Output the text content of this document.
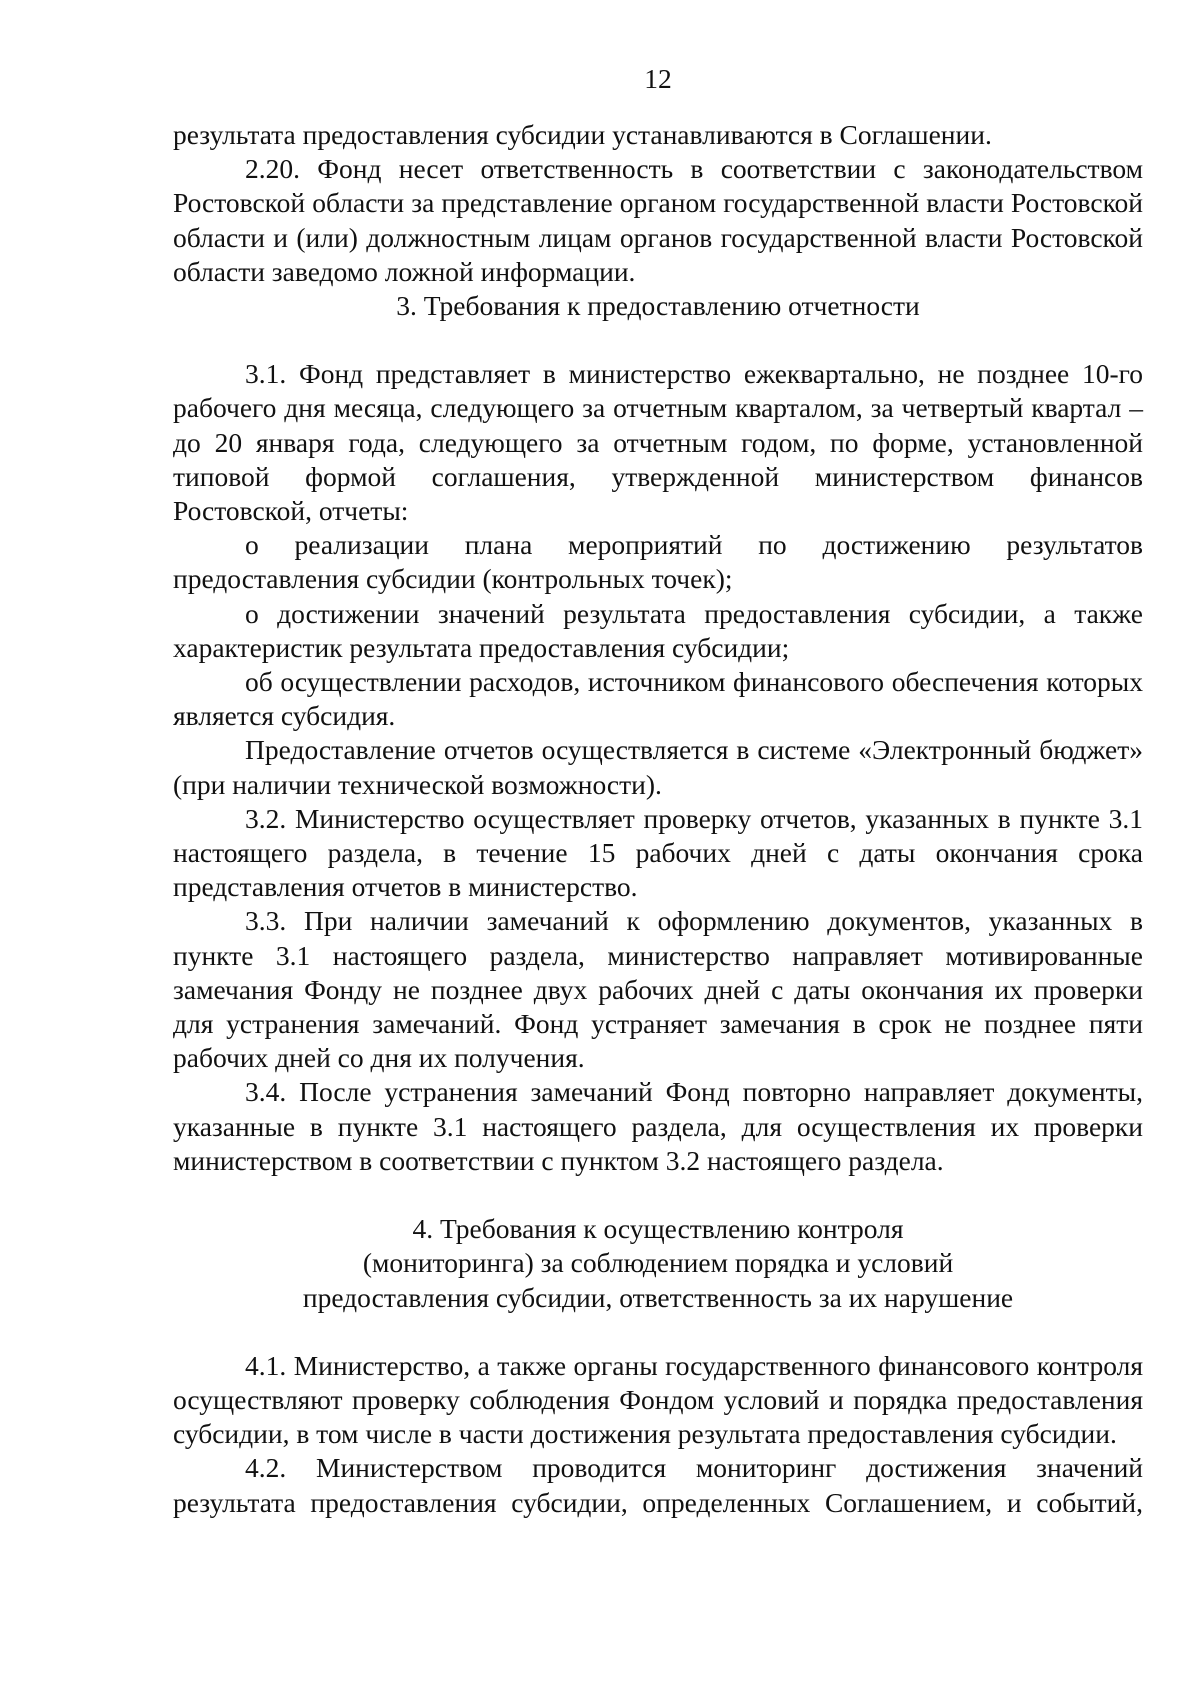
12

результата предоставления субсидии устанавливаются в Соглашении.

2.20. Фонд несет ответственность в соответствии с законодательством Ростовской области за представление органом государственной власти Ростовской области и (или) должностным лицам органов государственной власти Ростовской области заведомо ложной информации.

3. Требования к предоставлению отчетности

3.1. Фонд представляет в министерство ежеквартально, не позднее 10-го рабочего дня месяца, следующего за отчетным кварталом, за четвертый квартал – до 20 января года, следующего за отчетным годом, по форме, установленной типовой формой соглашения, утвержденной министерством финансов Ростовской, отчеты:

о реализации плана мероприятий по достижению результатов предоставления субсидии (контрольных точек);

о достижении значений результата предоставления субсидии, а также характеристик результата предоставления субсидии;

об осуществлении расходов, источником финансового обеспечения которых является субсидия.

Предоставление отчетов осуществляется в системе «Электронный бюджет» (при наличии технической возможности).

3.2. Министерство осуществляет проверку отчетов, указанных в пункте 3.1 настоящего раздела, в течение 15 рабочих дней с даты окончания срока представления отчетов в министерство.

3.3. При наличии замечаний к оформлению документов, указанных в пункте 3.1 настоящего раздела, министерство направляет мотивированные замечания Фонду не позднее двух рабочих дней с даты окончания их проверки для устранения замечаний. Фонд устраняет замечания в срок не позднее пяти рабочих дней со дня их получения.

3.4. После устранения замечаний Фонд повторно направляет документы, указанные в пункте 3.1 настоящего раздела, для осуществления их проверки министерством в соответствии с пунктом 3.2 настоящего раздела.

4. Требования к осуществлению контроля

(мониторинга) за соблюдением порядка и условий

предоставления субсидии, ответственность за их нарушение

4.1. Министерство, а также органы государственного финансового контроля осуществляют проверку соблюдения Фондом условий и порядка предоставления субсидии, в том числе в части достижения результата предоставления субсидии.

4.2. Министерством проводится мониторинг достижения значений результата предоставления субсидии, определенных Соглашением, и событий,
